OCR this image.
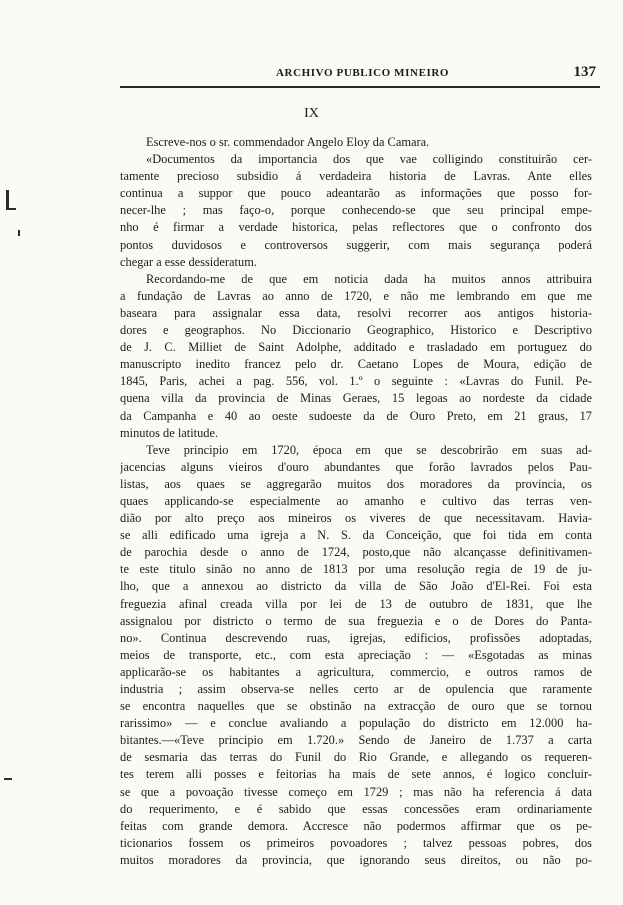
ARCHIVO PUBLICO MINEIRO	137
IX
Escreve-nos o sr. commendador Angelo Eloy da Camara.
«Documentos da importancia dos que vae colligindo constituirão cer-
tamente precioso subsidio á verdadeira historia de Lavras. Ante elles
continua a suppor que pouco adeantarão as informações que posso for-
necer-lhe ; mas faço-o, porque conhecendo-se que seu principal empe-
nho é firmar a verdade historica, pelas reflectores que o confronto dos
pontos duvidosos e controversos suggerir, com mais segurança poderá
chegar a esse dessideratum.
Recordando-me de que em noticia dada ha muitos annos attribuira
a fundação de Lavras ao anno de 1720, e não me lembrando em que me
baseara para assignalar essa data, resolvi recorrer aos antigos historia-
dores e geographos. No Diccionario Geographico, Historico e Descriptivo
de J. C. Milliet de Saint Adolphe, additado e trasladado em portuguez do
manuscripto inedito francez pelo dr. Caetano Lopes de Moura, edição de
1845, Paris, achei a pag. 556, vol. 1.º o seguinte : «Lavras do Funil. Pe-
quena villa da provincia de Minas Geraes, 15 legoas ao nordeste da cidade
da Campanha e 40 ao oeste sudoeste da de Ouro Preto, em 21 graus, 17
minutos de latitude.
Teve principio em 1720, época em que se descobrirão em suas ad-
jacencias alguns vieiros d'ouro abundantes que forão lavrados pelos Pau-
listas, aos quaes se aggregarão muitos dos moradores da provincia, os
quaes applicando-se especialmente ao amanho e cultivo das terras ven-
dião por alto preço aos mineiros os viveres de que necessitavam. Havia-
se alli edificado uma igreja a N. S. da Conceição, que foi tida em conta
de parochia desde o anno de 1724, posto,que não alcançasse definitivamen-
te este titulo sinão no anno de 1813 por uma resolução regia de 19 de ju-
lho, que a annexou ao districto da villa de São João d'El-Rei. Foi esta
freguezia afinal creada villa por lei de 13 de outubro de 1831, que lhe
assignalou por districto o termo de sua freguezia e o de Dores do Panta-
no». Continua descrevendo ruas, igrejas, edificios, profissões adoptadas,
meios de transporte, etc., com esta apreciação : — «Esgotadas as minas
applicarão-se os habitantes a agricultura, commercio, e outros ramos de
industria ; assim observa-se nelles certo ar de opulencia que raramente
se encontra naquelles que se obstinão na extracção de ouro que se tornou
rarissimo» — e conclue avaliando a população do districto em 12.000 ha-
bitantes.—«Teve principio em 1.720.» Sendo de Janeiro de 1.737 a carta
de sesmaria das terras do Funil do Rio Grande, e allegando os requeren-
tes terem alli posses e feitorias ha mais de sete annos, é logico concluir-
se que a povoação tivesse começo em 1729 ; mas não ha referencia á data
do requerimento, e é sabido que essas concessões eram ordinariamente
feitas com grande demora. Accresce não podermos affirmar que os pe-
ticionarios fossem os primeiros povoadores ; talvez pessoas pobres, dos
muitos moradores da provincia, que ignorando seus direitos, ou não po-
